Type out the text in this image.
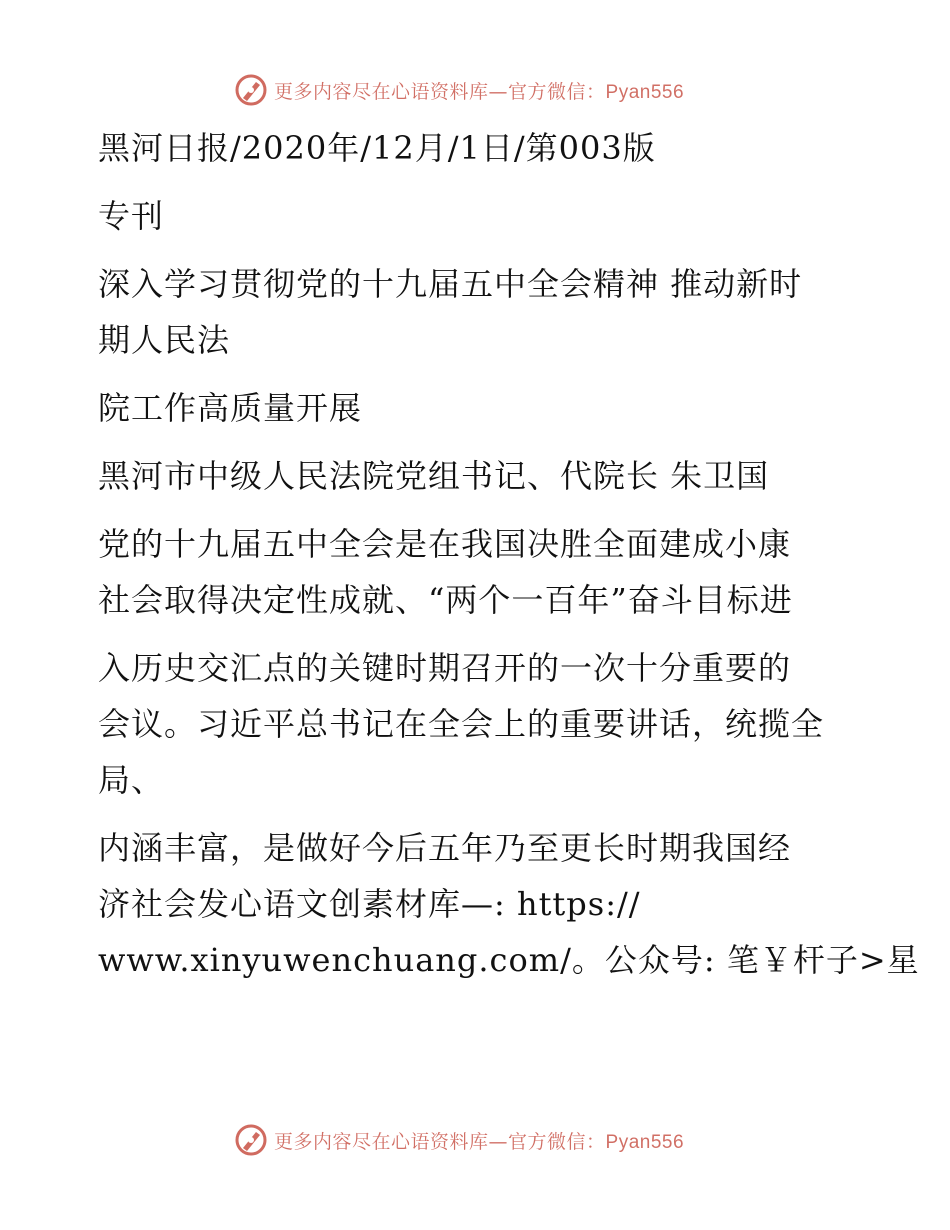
更多内容尽在心语资料库—官方微信：Pyan556
黑河日报/2020年/12月/1日/第003版
专刊
深入学习贯彻党的十九届五中全会精神 推动新时
期人民法
院工作高质量开展
黑河市中级人民法院党组书记、代院长 朱卫国
党的十九届五中全会是在我国决胜全面建成小康
社会取得决定性成就、“两个一百年”奋斗目标进
入历史交汇点的关键时期召开的一次十分重要的
会议。习近平总书记在全会上的重要讲话，统揽全
局、
内涵丰富，是做好今后五年乃至更长时期我国经
济社会发心语文创素材库—: https://
www.xinyuwenchuang.com/。公众号: 笔￥杆子>星
更多内容尽在心语资料库—官方微信：Pyan556
